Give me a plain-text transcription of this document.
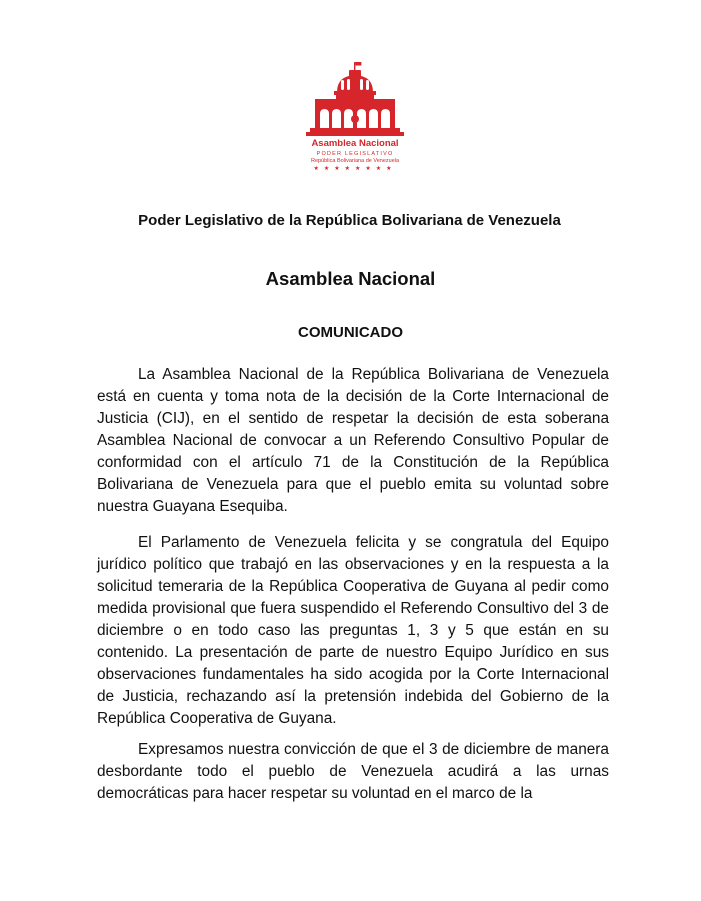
Asamblea Nacional
PODER LEGISLATIVO
República Bolivariana de Venezuela
★★★★★★★★
Poder Legislativo de la República Bolivariana de Venezuela
Asamblea Nacional
COMUNICADO

La Asamblea Nacional de la República Bolivariana de Venezuela está en cuenta y toma nota de la decisión de la Corte Internacional de Justicia (CIJ), en el sentido de respetar la decisión de esta soberana Asamblea Nacional de convocar a un Referendo Consultivo Popular de conformidad con el artículo 71 de la Constitución de la República Bolivariana de Venezuela para que el pueblo emita su voluntad sobre nuestra Guayana Esequiba.

El Parlamento de Venezuela felicita y se congratula del Equipo jurídico político que trabajó en las observaciones y en la respuesta a la solicitud temeraria de la República Cooperativa de Guyana al pedir como medida provisional que fuera suspendido el Referendo Consultivo del 3 de diciembre o en todo caso las preguntas 1, 3 y 5 que están en su contenido. La presentación de parte de nuestro Equipo Jurídico en sus observaciones fundamentales ha sido acogida por la Corte Internacional de Justicia, rechazando así la pretensión indebida del Gobierno de la República Cooperativa de Guyana.

Expresamos nuestra convicción de que el 3 de diciembre de manera desbordante todo el pueblo de Venezuela acudirá a las urnas democráticas para hacer respetar su voluntad en el marco de la
